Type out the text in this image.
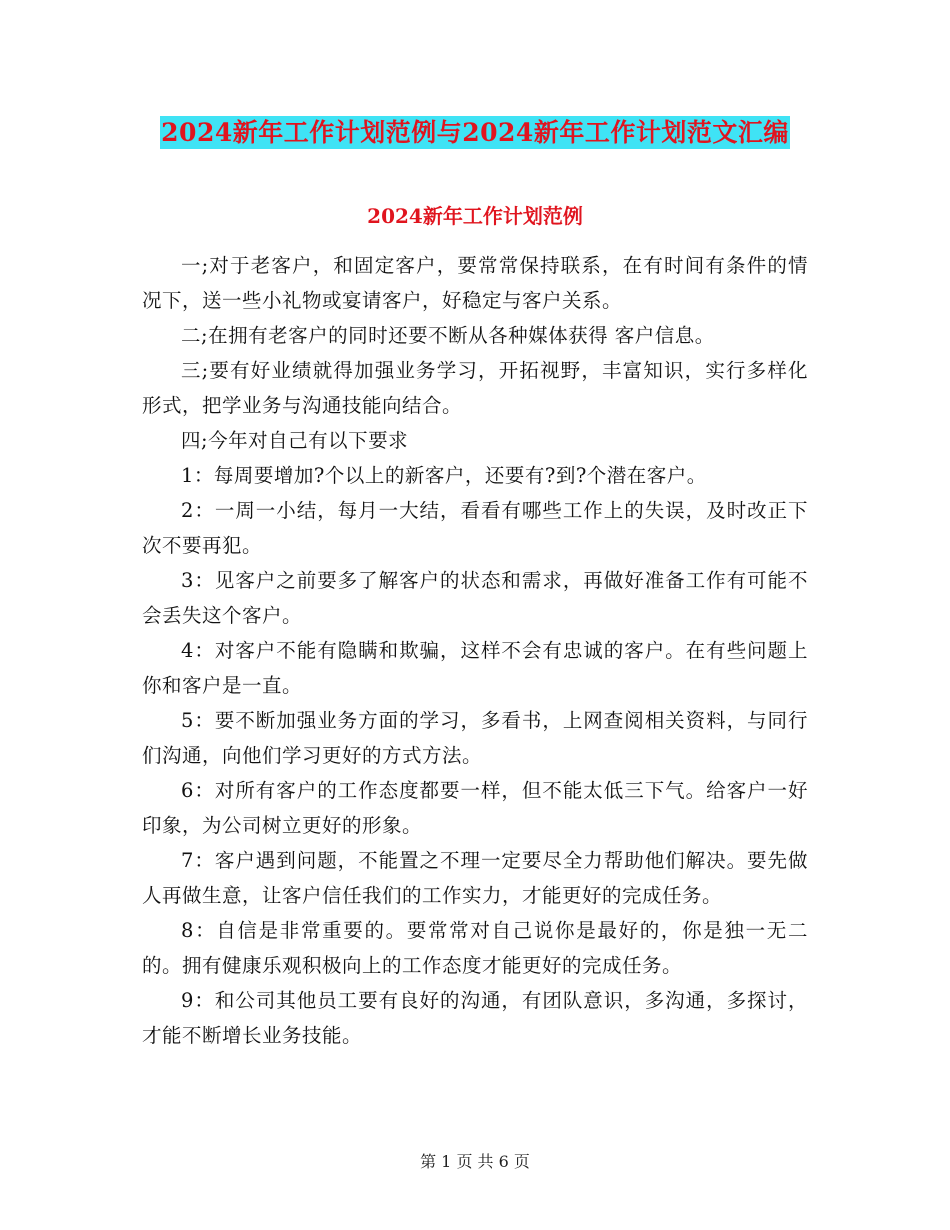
2024新年工作计划范例与2024新年工作计划范文汇编
2024新年工作计划范例

一;对于老客户，和固定客户，要常常保持联系，在有时间有条件的情况下，送一些小礼物或宴请客户，好稳定与客户关系。

二;在拥有老客户的同时还要不断从各种媒体获得 客户信息。

三;要有好业绩就得加强业务学习，开拓视野，丰富知识，实行多样化形式，把学业务与沟通技能向结合。

四;今年对自己有以下要求

1：每周要增加?个以上的新客户，还要有?到?个潜在客户。

2：一周一小结，每月一大结，看看有哪些工作上的失误，及时改正下次不要再犯。

3：见客户之前要多了解客户的状态和需求，再做好准备工作有可能不会丢失这个客户。

4：对客户不能有隐瞒和欺骗，这样不会有忠诚的客户。在有些问题上你和客户是一直。

5：要不断加强业务方面的学习，多看书，上网查阅相关资料，与同行们沟通，向他们学习更好的方式方法。

6：对所有客户的工作态度都要一样，但不能太低三下气。给客户一好印象，为公司树立更好的形象。

7：客户遇到问题，不能置之不理一定要尽全力帮助他们解决。要先做人再做生意，让客户信任我们的工作实力，才能更好的完成任务。

8：自信是非常重要的。要常常对自己说你是最好的，你是独一无二的。拥有健康乐观积极向上的工作态度才能更好的完成任务。

9：和公司其他员工要有良好的沟通，有团队意识，多沟通，多探讨，才能不断增长业务技能。

第 1 页 共 6 页
